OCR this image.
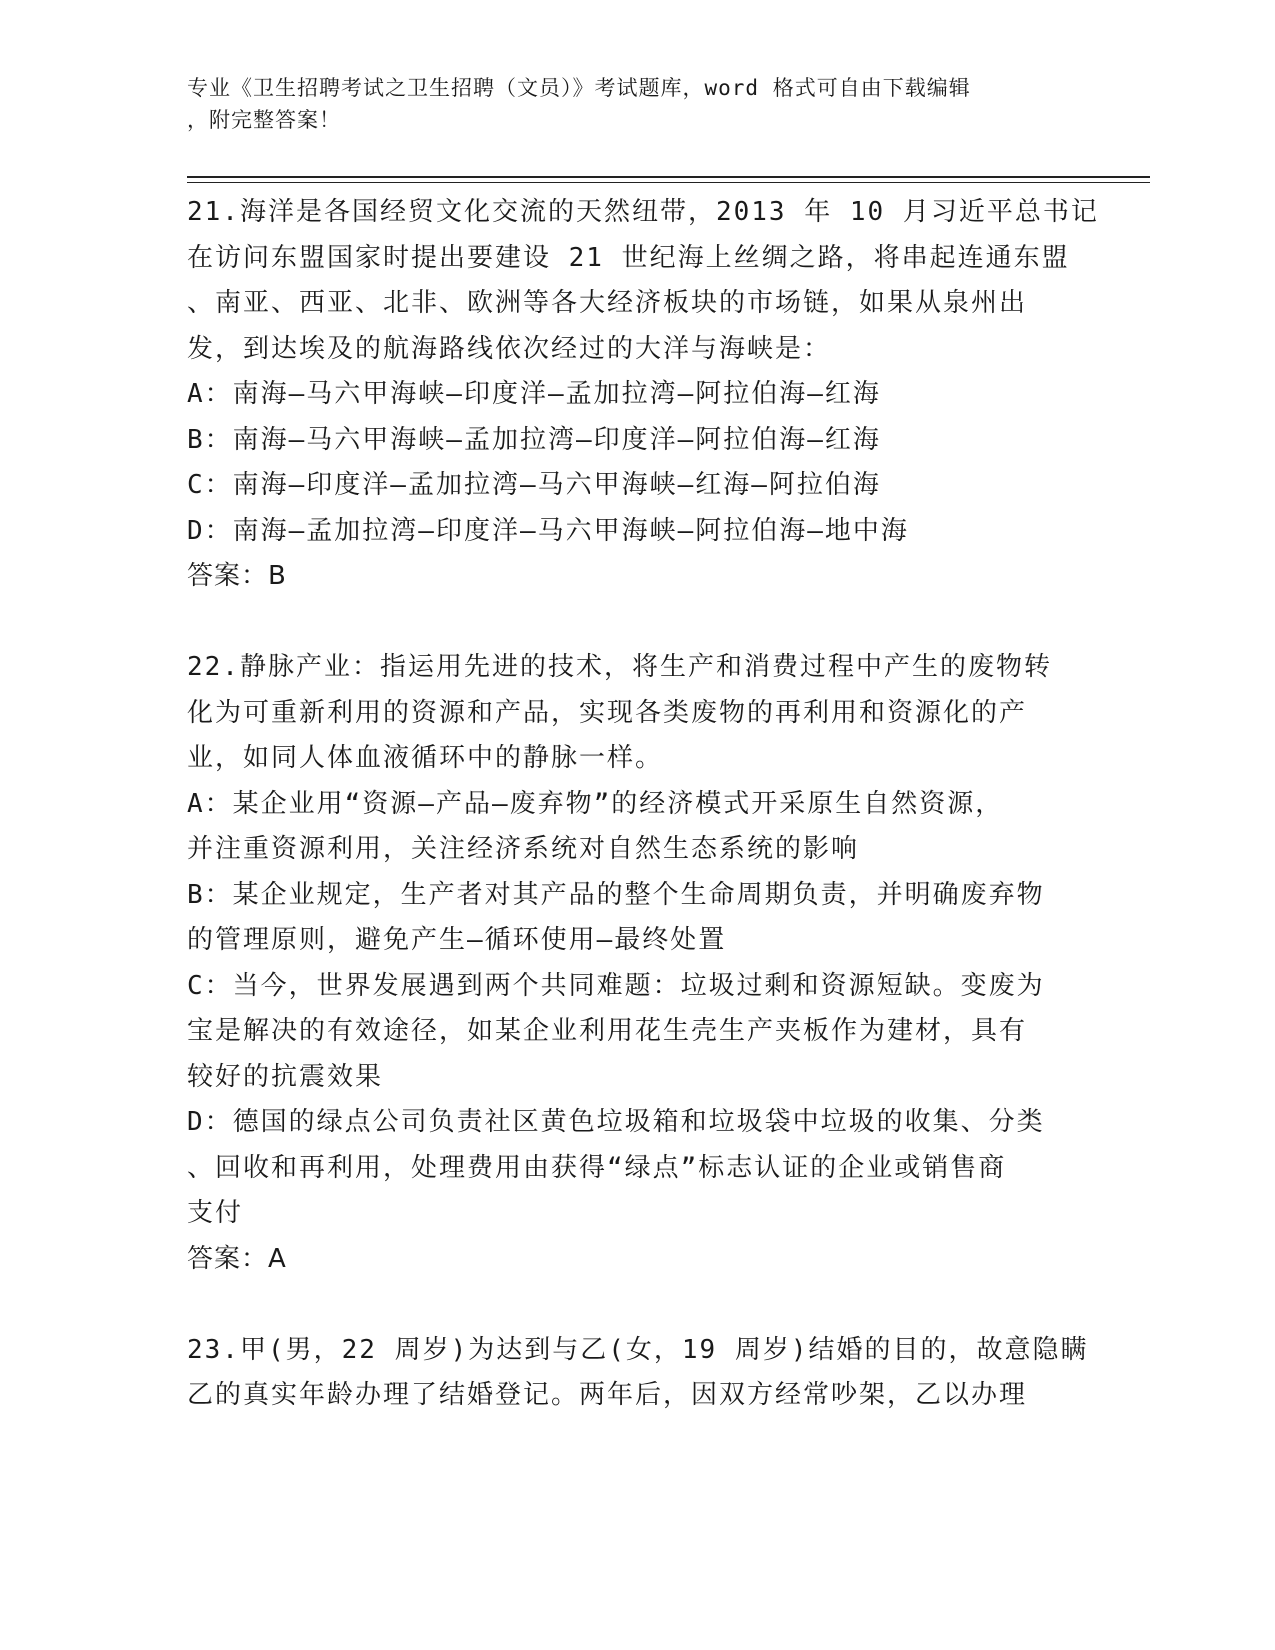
专业《卫生招聘考试之卫生招聘（文员）》考试题库，word 格式可自由下载编辑
，附完整答案！
21.海洋是各国经贸文化交流的天然纽带，2013 年 10 月习近平总书记
在访问东盟国家时提出要建设 21 世纪海上丝绸之路，将串起连通东盟
、南亚、西亚、北非、欧洲等各大经济板块的市场链，如果从泉州出
发，到达埃及的航海路线依次经过的大洋与海峡是：
A：南海—马六甲海峡—印度洋—孟加拉湾—阿拉伯海—红海
B：南海—马六甲海峡—孟加拉湾—印度洋—阿拉伯海—红海
C：南海—印度洋—孟加拉湾—马六甲海峡—红海—阿拉伯海
D：南海—孟加拉湾—印度洋—马六甲海峡—阿拉伯海—地中海
答案：B
22.静脉产业：指运用先进的技术，将生产和消费过程中产生的废物转
化为可重新利用的资源和产品，实现各类废物的再利用和资源化的产
业，如同人体血液循环中的静脉一样。
A：某企业用“资源—产品—废弃物”的经济模式开采原生自然资源，
并注重资源利用，关注经济系统对自然生态系统的影响
B：某企业规定，生产者对其产品的整个生命周期负责，并明确废弃物
的管理原则，避免产生—循环使用—最终处置
C：当今，世界发展遇到两个共同难题：垃圾过剩和资源短缺。变废为
宝是解决的有效途径，如某企业利用花生壳生产夹板作为建材，具有
较好的抗震效果
D：德国的绿点公司负责社区黄色垃圾箱和垃圾袋中垃圾的收集、分类
、回收和再利用，处理费用由获得“绿点”标志认证的企业或销售商
支付
答案：A
23.甲(男，22 周岁)为达到与乙(女，19 周岁)结婚的目的，故意隐瞒
乙的真实年龄办理了结婚登记。两年后，因双方经常吵架，乙以办理
